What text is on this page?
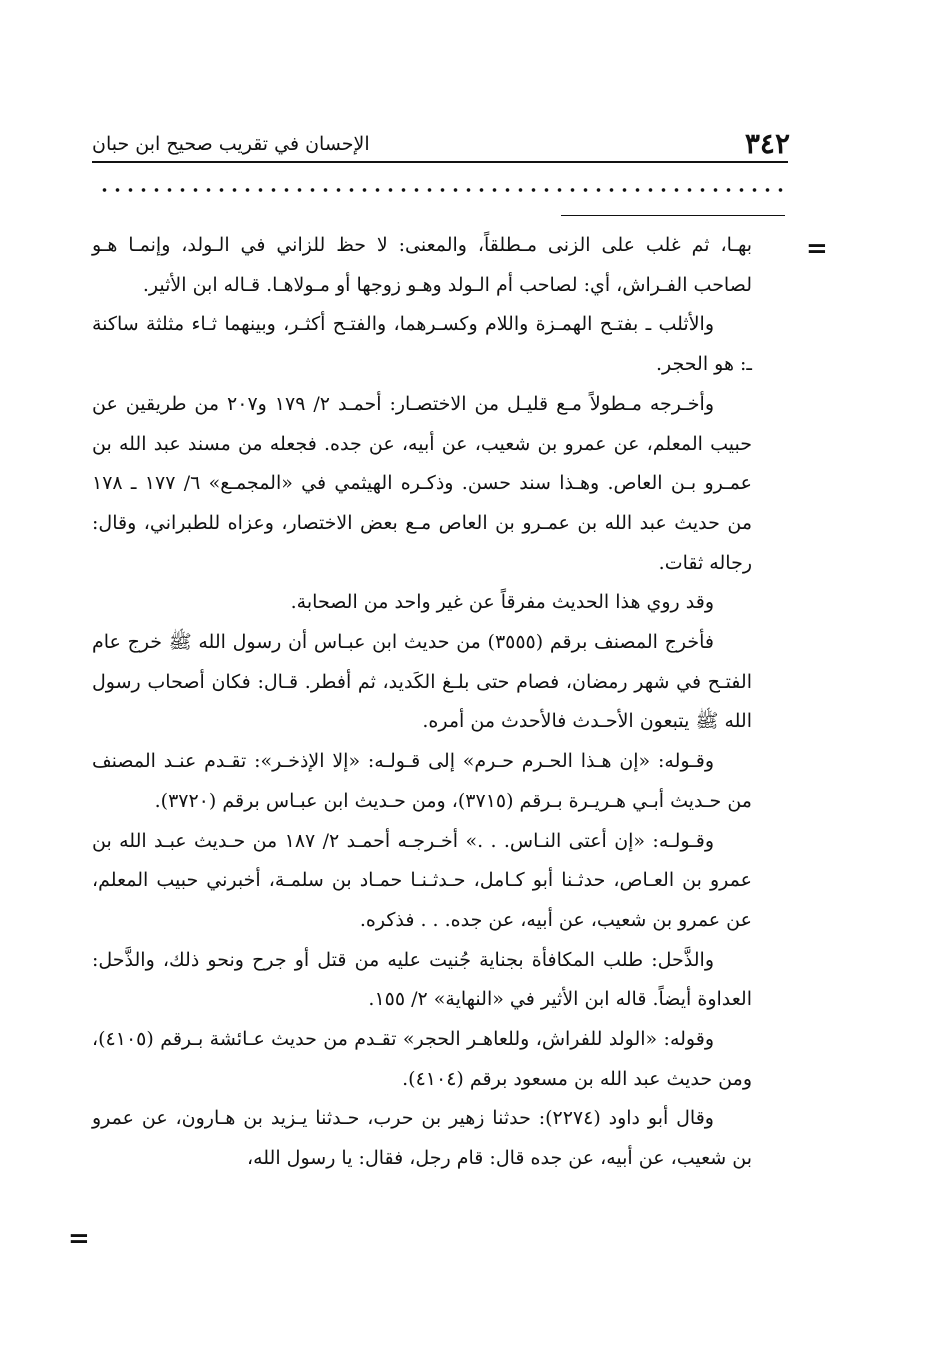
٣٤٢
الإحسان في تقريب صحيح ابن حبان
=

بهـا، ثم غلب على الزنى مـطلقاً، والمعنى: لا حظ للزاني في الـولد، وإنمـا هـو لصاحب الفـراش، أي: لصاحب أم الـولد وهـو زوجها أو مـولاهـا. قـاله ابن الأثير.

والأثلب ـ بفتـح الهمـزة واللام وكسـرهما، والفتـح أكثـر، وبينهما ثـاء مثلثة ساكنة ـ: هو الحجر.

وأخـرجه مـطولاً مـع قليـل من الاختصـار: أحمـد ٢/ ١٧٩ و٢٠٧ من طريقين عن حبيب المعلم، عن عمرو بن شعيب، عن أبيه، عن جده. فجعله من مسند عبد الله بن عمـرو بـن العاص. وهـذا سند حسن. وذكـره الهيثمي في «المجمـع» ٦/ ١٧٧ ـ ١٧٨ من حديث عبد الله بن عمـرو بن العاص مـع بعض الاختصار، وعزاه للطبراني، وقال: رجاله ثقات.

وقد روي هذا الحديث مفرقاً عن غير واحد من الصحابة.

فأخرج المصنف برقم (٣٥٥٥) من حديث ابن عبـاس أن رسول الله ﷺ خرج عام الفتـح في شهر رمضان، فصام حتى بلـغ الكَديد، ثم أفطر. قـال: فكان أصحاب رسول الله ﷺ يتبعون الأحـدث فالأحدث من أمره.

وقـوله: «إن هـذا الحـرم حـرم» إلى قـولـه: «إلا الإذخـر»: تقـدم عنـد المصنف من حـديث أبـي هـريـرة بـرقم (٣٧١٥)، ومن حـديث ابن عبـاس برقم (٣٧٢٠).

وقـولـه: «إن أعتى النـاس. . .» أخـرجـه أحمـد ٢/ ١٨٧ من حـديث عبـد الله بن عمرو بن العـاص، حدثـنا أبو كـامل، حـدثـنـا حمـاد بن سلمـة، أخبرني حبيب المعلم، عن عمرو بن شعيب، عن أبيه، عن جده. . . فذكره.

والذَّحل: طلب المكافأة بجناية جُنيت عليه من قتل أو جرح ونحو ذلك، والذَّحل: العداوة أيضاً. قاله ابن الأثير في «النهاية» ٢/ ١٥٥.

وقوله: «الولد للفراش، وللعاهـر الحجر» تقـدم من حديث عـائشة بـرقم (٤١٠٥)، ومن حديث عبد الله بن مسعود برقم (٤١٠٤).

وقال أبو داود (٢٢٧٤): حدثنا زهير بن حرب، حـدثنا يـزيد بن هـارون، عن عمرو بن شعيب، عن أبيه، عن جده قال: قام رجل، فقال: يا رسول الله،

=
